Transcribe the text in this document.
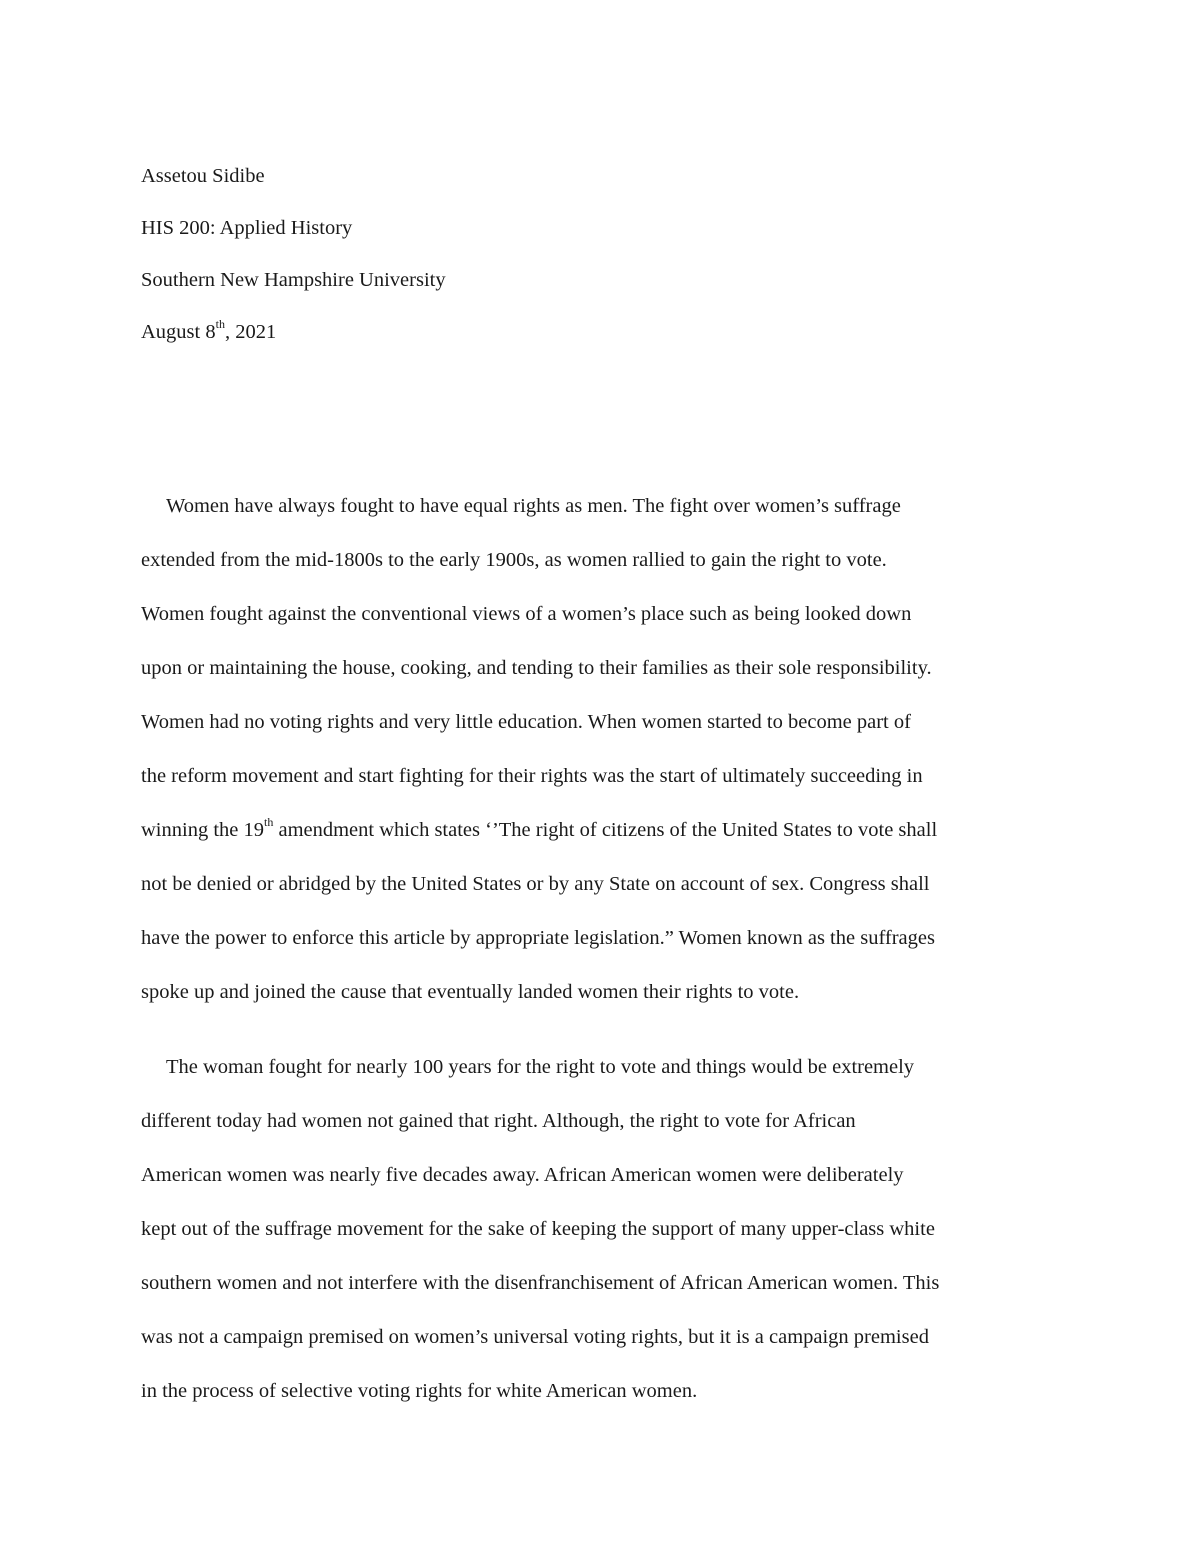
Assetou Sidibe
HIS 200: Applied History
Southern New Hampshire University
August 8th, 2021
Women have always fought to have equal rights as men. The fight over women’s suffrage
extended from the mid-1800s to the early 1900s, as women rallied to gain the right to vote.
Women fought against the conventional views of a women’s place such as being looked down
upon or maintaining the house, cooking, and tending to their families as their sole responsibility.
Women had no voting rights and very little education. When women started to become part of
the reform movement and start fighting for their rights was the start of ultimately succeeding in
winning the 19th amendment which states ‘’The right of citizens of the United States to vote shall
not be denied or abridged by the United States or by any State on account of sex. Congress shall
have the power to enforce this article by appropriate legislation.” Women known as the suffrages
spoke up and joined the cause that eventually landed women their rights to vote.
The woman fought for nearly 100 years for the right to vote and things would be extremely
different today had women not gained that right. Although, the right to vote for African
American women was nearly five decades away. African American women were deliberately
kept out of the suffrage movement for the sake of keeping the support of many upper-class white
southern women and not interfere with the disenfranchisement of African American women. This
was not a campaign premised on women’s universal voting rights, but it is a campaign premised
in the process of selective voting rights for white American women.
